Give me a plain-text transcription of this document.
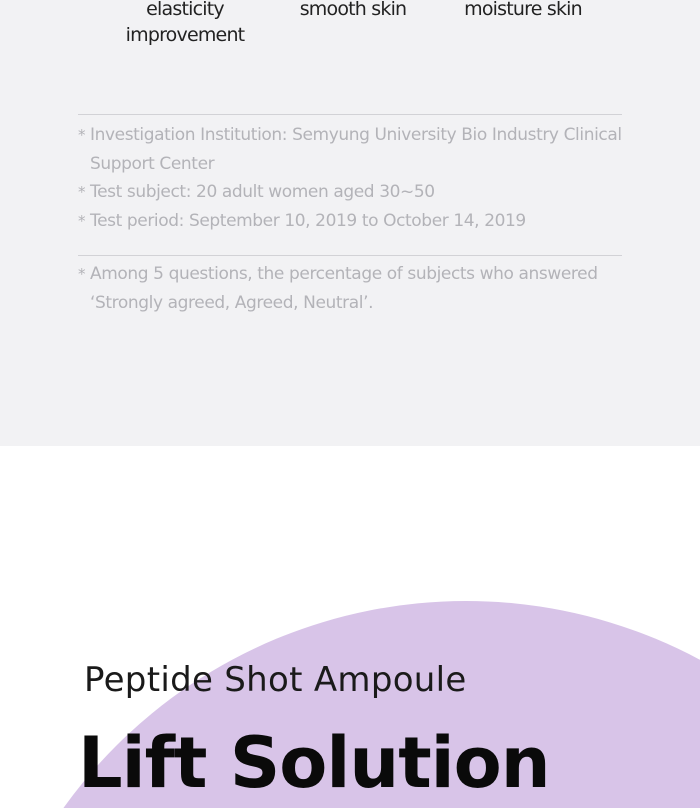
elasticity
improvement
smooth skin	moisture skin
* Investigation Institution: Semyung University Bio Industry Clinical Support Center
* Test subject: 20 adult women aged 30~50
* Test period: September 10, 2019 to October 14, 2019
* Among 5 questions, the percentage of subjects who answered ‘Strongly agreed, Agreed, Neutral’.
Peptide Shot Ampoule
Lift Solution
